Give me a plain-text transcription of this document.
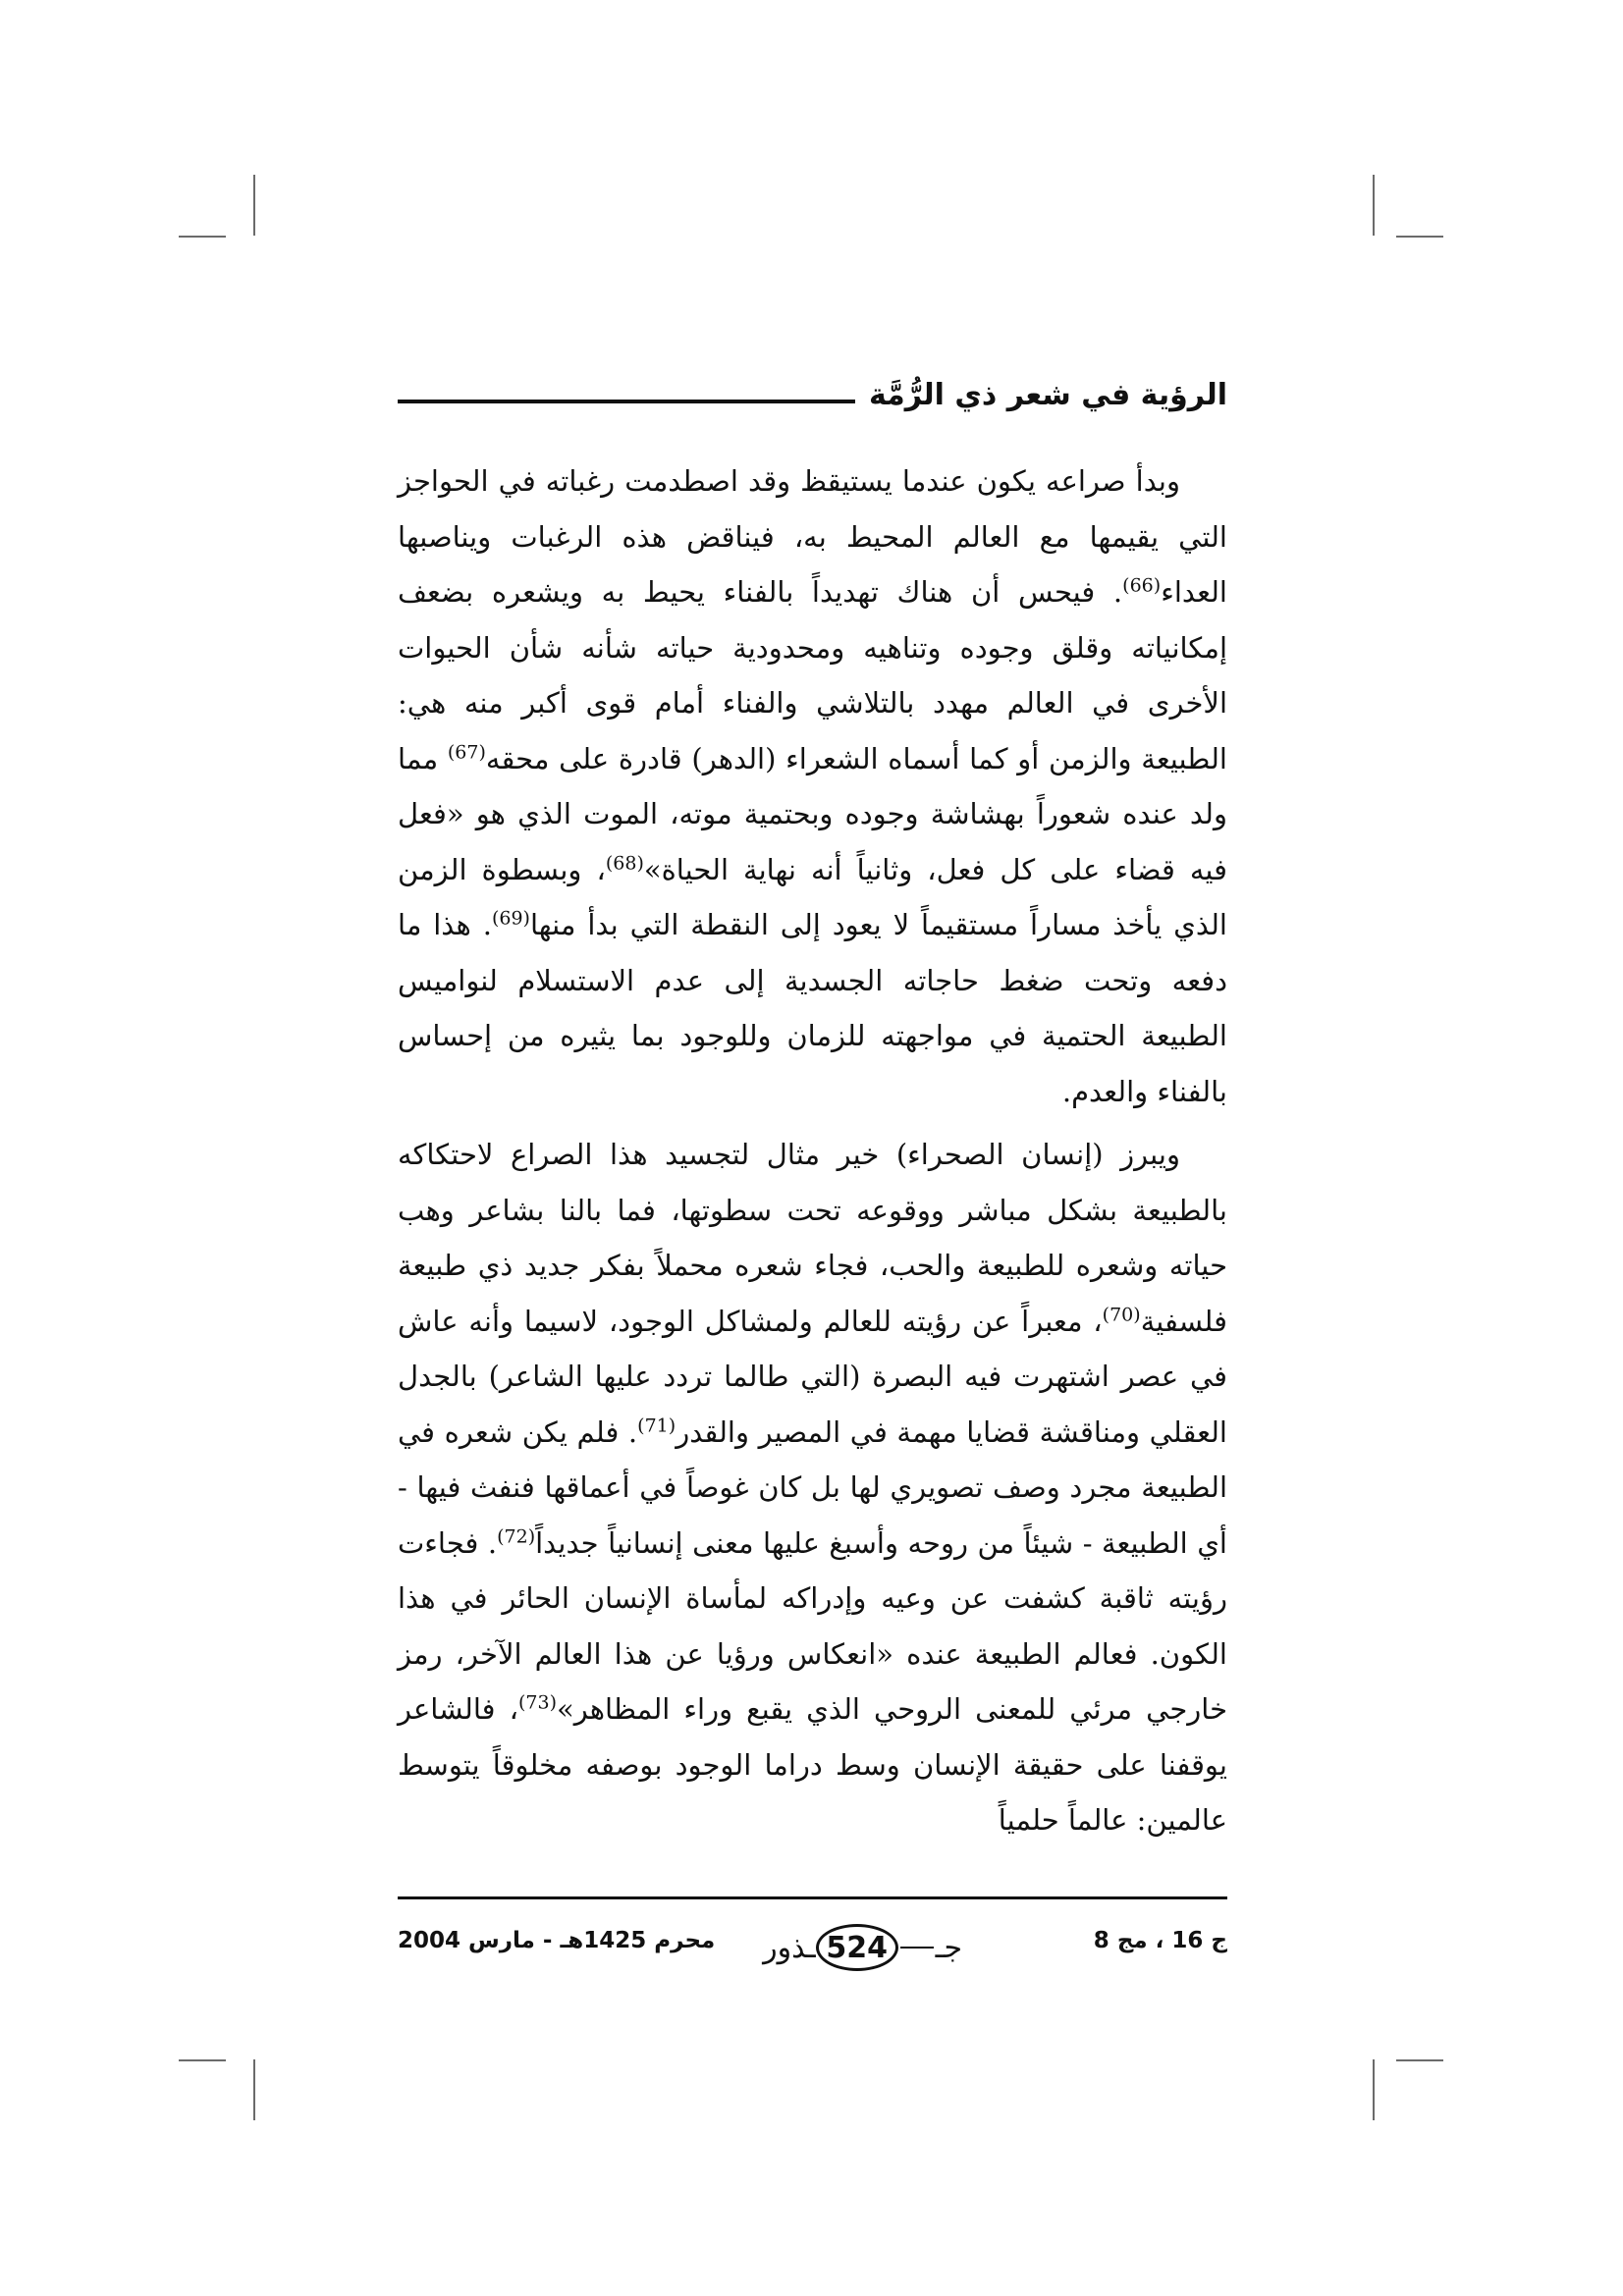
الرؤية في شعر ذي الرُّمَّة

وبدأ صراعه يكون عندما يستيقظ وقد اصطدمت رغباته في الحواجز التي يقيمها مع العالم المحيط به، فيناقض هذه الرغبات ويناصبها العداء$^{(66)}$. فيحس أن هناك تهديداً بالفناء يحيط به ويشعره بضعف إمكانياته وقلق وجوده وتناهيه ومحدودية حياته شأنه شأن الحيوات الأخرى في العالم مهدد بالتلاشي والفناء أمام قوى أكبر منه هي: الطبيعة والزمن أو كما أسماه الشعراء (الدهر) قادرة على محقه$^{(67)}$ مما ولد عنده شعوراً بهشاشة وجوده وبحتمية موته، الموت الذي هو «فعل فيه قضاء على كل فعل، وثانياً أنه نهاية الحياة»$^{(68)}$، وبسطوة الزمن الذي يأخذ مساراً مستقيماً لا يعود إلى النقطة التي بدأ منها$^{(69)}$. هذا ما دفعه وتحت ضغط حاجاته الجسدية إلى عدم الاستسلام لنواميس الطبيعة الحتمية في مواجهته للزمان وللوجود بما يثيره من إحساس بالفناء والعدم.

ويبرز (إنسان الصحراء) خير مثال لتجسيد هذا الصراع لاحتكاكه بالطبيعة بشكل مباشر ووقوعه تحت سطوتها، فما بالنا بشاعر وهب حياته وشعره للطبيعة والحب، فجاء شعره محملاً بفكر جديد ذي طبيعة فلسفية$^{(70)}$، معبراً عن رؤيته للعالم ولمشاكل الوجود، لاسيما وأنه عاش في عصر اشتهرت فيه البصرة (التي طالما تردد عليها الشاعر) بالجدل العقلي ومناقشة قضايا مهمة في المصير والقدر$^{(71)}$. فلم يكن شعره في الطبيعة مجرد وصف تصويري لها بل كان غوصاً في أعماقها فنفث فيها - أي الطبيعة - شيئاً من روحه وأسبغ عليها معنى إنسانياً جديداً$^{(72)}$. فجاءت رؤيته ثاقبة كشفت عن وعيه وإدراكه لمأساة الإنسان الحائر في هذا الكون. فعالم الطبيعة عنده «انعكاس ورؤيا عن هذا العالم الآخر، رمز خارجي مرئي للمعنى الروحي الذي يقبع وراء المظاهر»$^{(73)}$، فالشاعر يوقفنا على حقيقة الإنسان وسط دراما الوجود بوصفه مخلوقاً يتوسط عالمين: عالماً حلمياً

ج 16 ، مج 8
جـ
524
ـذور
محرم 1425هـ - مارس 2004
